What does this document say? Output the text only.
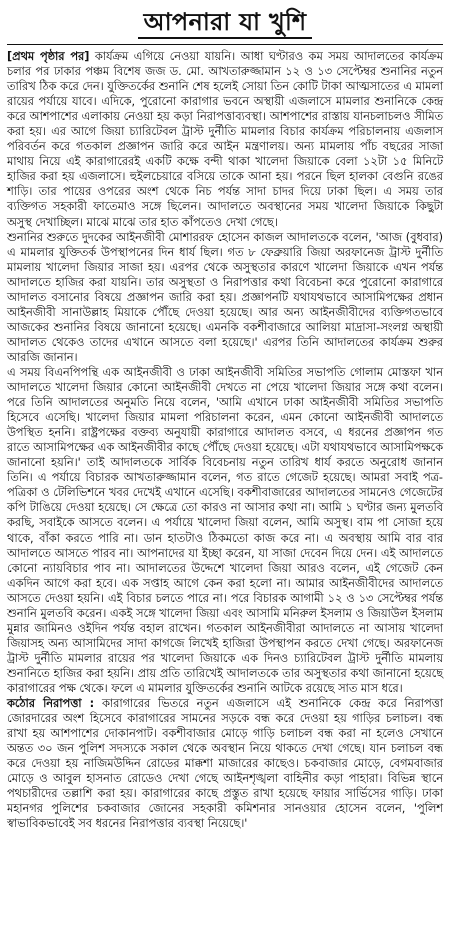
আপনারা যা খুশি

[প্রথম পৃষ্ঠার পর] কার্যক্রম এগিয়ে নেওয়া যায়নি। আধা ঘণ্টারও কম সময় আদালতের কার্যক্রম চলার পর ঢাকার পঞ্চম বিশেষ জজ ড. মো. আখতারুজ্জামান ১২ ও ১৩ সেপ্টেম্বর শুনানির নতুন তারিখ ঠিক করে দেন। যুক্তিতর্কের শুনানি শেষ হলেই সোয়া তিন কোটি টাকা আত্মসাতের এ মামলা রায়ের পর্যায়ে যাবে। এদিকে, পুরোনো কারাগার ভবনে অস্থায়ী এজলাসে মামলার শুনানিকে কেন্দ্র করে আশপাশের এলাকায় নেওয়া হয় কড়া নিরাপত্তাব্যবস্থা। আশপাশের রাস্তায় যানচলাচলও সীমিত করা হয়। এর আগে জিয়া চ্যারিটেবল ট্রাস্ট দুর্নীতি মামলার বিচার কার্যক্রম পরিচালনায় এজলাস পরিবর্তন করে গতকাল প্রজ্ঞাপন জারি করে আইন মন্ত্রণালয়। অন্য মামলায় পাঁচ বছরের সাজা মাথায় নিয়ে এই কারাগারেরই একটি কক্ষে বন্দী থাকা খালেদা জিয়াকে বেলা ১২টা ১৫ মিনিটে হাজির করা হয় এজলাসে। হুইলচেয়ারে বসিয়ে তাকে আনা হয়। পরনে ছিল হালকা বেগুনি রঙের শাড়ি। তার পায়ের ওপরের অংশ থেকে নিচ পর্যন্ত সাদা চাদর দিয়ে ঢাকা ছিল। এ সময় তার ব্যক্তিগত সহকারী ফাতেমাও সঙ্গে ছিলেন। আদালতে অবস্থানের সময় খালেদা জিয়াকে কিছুটা অসুস্থ দেখাচ্ছিল। মাঝে মাঝে তার হাত কাঁপতেও দেখা গেছে।

শুনানির শুরুতে দুদকের আইনজীবী মোশাররফ হোসেন কাজল আদালতকে বলেন, 'আজ (বুধবার) এ মামলার যুক্তিতর্ক উপস্থাপনের দিন ধার্য ছিল। গত ৮ ফেব্রুয়ারি জিয়া অরফানেজ ট্রাস্ট দুর্নীতি মামলায় খালেদা জিয়ার সাজা হয়। এরপর থেকে অসুস্থতার কারণে খালেদা জিয়াকে এখন পর্যন্ত আদালতে হাজির করা যায়নি। তার অসুস্থতা ও নিরাপত্তার কথা বিবেচনা করে পুরোনো কারাগারে আদালত বসানোর বিষয়ে প্রজ্ঞাপন জারি করা হয়। প্রজ্ঞাপনটি যথাযথভাবে আসামিপক্ষের প্রধান আইনজীবী সানাউল্লাহ মিয়াকে পৌঁছে দেওয়া হয়েছে। আর অন্য আইনজীবীদের ব্যক্তিগতভাবে আজকের শুনানির বিষয়ে জানানো হয়েছে। এমনকি বকশীবাজারে আলিয়া মাদ্রাসা-সংলগ্ন অস্থায়ী আদালত থেকেও তাদের এখানে আসতে বলা হয়েছে।' এরপর তিনি আদালতের কার্যক্রম শুরুর আরজি জানান।

এ সময় বিএনপিপন্থি এক আইনজীবী ও ঢাকা আইনজীবী সমিতির সভাপতি গোলাম মোস্তফা খান আদালতে খালেদা জিয়ার কোনো আইনজীবী দেখতে না পেয়ে খালেদা জিয়ার সঙ্গে কথা বলেন। পরে তিনি আদালতের অনুমতি নিয়ে বলেন, 'আমি এখানে ঢাকা আইনজীবী সমিতির সভাপতি হিসেবে এসেছি। খালেদা জিয়ার মামলা পরিচালনা করেন, এমন কোনো আইনজীবী আদালতে উপস্থিত হননি। রাষ্ট্রপক্ষের বক্তব্য অনুযায়ী কারাগারে আদালত বসবে, এ ধরনের প্রজ্ঞাপন গত রাতে আসামিপক্ষের এক আইনজীবীর কাছে পৌঁছে দেওয়া হয়েছে। এটা যথাযথভাবে আসামিপক্ষকে জানানো হয়নি।' তাই আদালতকে সার্বিক বিবেচনায় নতুন তারিখ ধার্য করতে অনুরোধ জানান তিনি। এ পর্যায়ে বিচারক আখতারুজ্জামান বলেন, গত রাতে গেজেট হয়েছে। আমরা সবাই পত্র-পত্রিকা ও টেলিভিশনে খবর দেখেই এখানে এসেছি। বকশীবাজারের আদালতের সামনেও গেজেটের কপি টাঙিয়ে দেওয়া হয়েছে। সে ক্ষেত্রে তো কারও না আসার কথা না। আমি ১ ঘণ্টার জন্য মুলতবি করছি, সবাইকে আসতে বলেন। এ পর্যায়ে খালেদা জিয়া বলেন, আমি অসুস্থ। বাম পা সোজা হয়ে থাকে, বাঁকা করতে পারি না। ডান হাতটাও ঠিকমতো কাজ করে না। এ অবস্থায় আমি বার বার আদালতে আসতে পারব না। আপনাদের যা ইচ্ছা করেন, যা সাজা দেবেন দিয়ে দেন। এই আদালতে কোনো ন্যায়বিচার পাব না। আদালতের উদ্দেশে খালেদা জিয়া আরও বলেন, এই গেজেট কেন একদিন আগে করা হবে। এক সপ্তাহ আগে কেন করা হলো না। আমার আইনজীবীদের আদালতে আসতে দেওয়া হয়নি। এই বিচার চলতে পারে না। পরে বিচারক আগামী ১২ ও ১৩ সেপ্টেম্বর পর্যন্ত শুনানি মুলতবি করেন। একই সঙ্গে খালেদা জিয়া এবং আসামি মনিরুল ইসলাম ও জিয়াউল ইসলাম মুন্নার জামিনও ওইদিন পর্যন্ত বহাল রাখেন। গতকাল আইনজীবীরা আদালতে না আসায় খালেদা জিয়াসহ অন্য আসামিদের সাদা কাগজে লিখেই হাজিরা উপস্থাপন করতে দেখা গেছে। অরফানেজ ট্রাস্ট দুর্নীতি মামলার রায়ের পর খালেদা জিয়াকে এক দিনও চ্যারিটেবল ট্রাস্ট দুর্নীতি মামলায় শুনানিতে হাজির করা হয়নি। প্রায় প্রতি তারিখেই আদালতকে তার অসুস্থতার কথা জানানো হয়েছে কারাগারের পক্ষ থেকে। ফলে এ মামলার যুক্তিতর্কের শুনানি আটকে রয়েছে সাত মাস ধরে।

কঠোর নিরাপত্তা : কারাগারের ভিতরে নতুন এজলাসে এই শুনানিকে কেন্দ্র করে নিরাপত্তা জোরদারের অংশ হিসেবে কারাগারের সামনের সড়কে বন্ধ করে দেওয়া হয় গাড়ির চলাচল। বন্ধ রাখা হয় আশপাশের দোকানপাট। বকশীবাজার মোড়ে গাড়ি চলাচল বন্ধ করা না হলেও সেখানে অন্তত ৩০ জন পুলিশ সদস্যকে সকাল থেকে অবস্থান নিয়ে থাকতে দেখা গেছে। যান চলাচল বন্ধ করে দেওয়া হয় নাজিমউদ্দিন রোডের মাক্কশা মাজারের কাছেও। চকবাজার মোড়ে, বেগমবাজার মোড়ে ও আবুল হাসনাত রোডেও দেখা গেছে আইনশৃঙ্খলা বাহিনীর কড়া পাহারা। বিভিন্ন স্থানে পথচারীদের তল্লাশি করা হয়। কারাগারের কাছে প্রস্তুত রাখা হয়েছে ফায়ার সার্ভিসের গাড়ি। ঢাকা মহানগর পুলিশের চকবাজার জোনের সহকারী কমিশনার সানওয়ার হোসেন বলেন, 'পুলিশ স্বাভাবিকভাবেই সব ধরনের নিরাপত্তার ব্যবস্থা নিয়েছে।'
